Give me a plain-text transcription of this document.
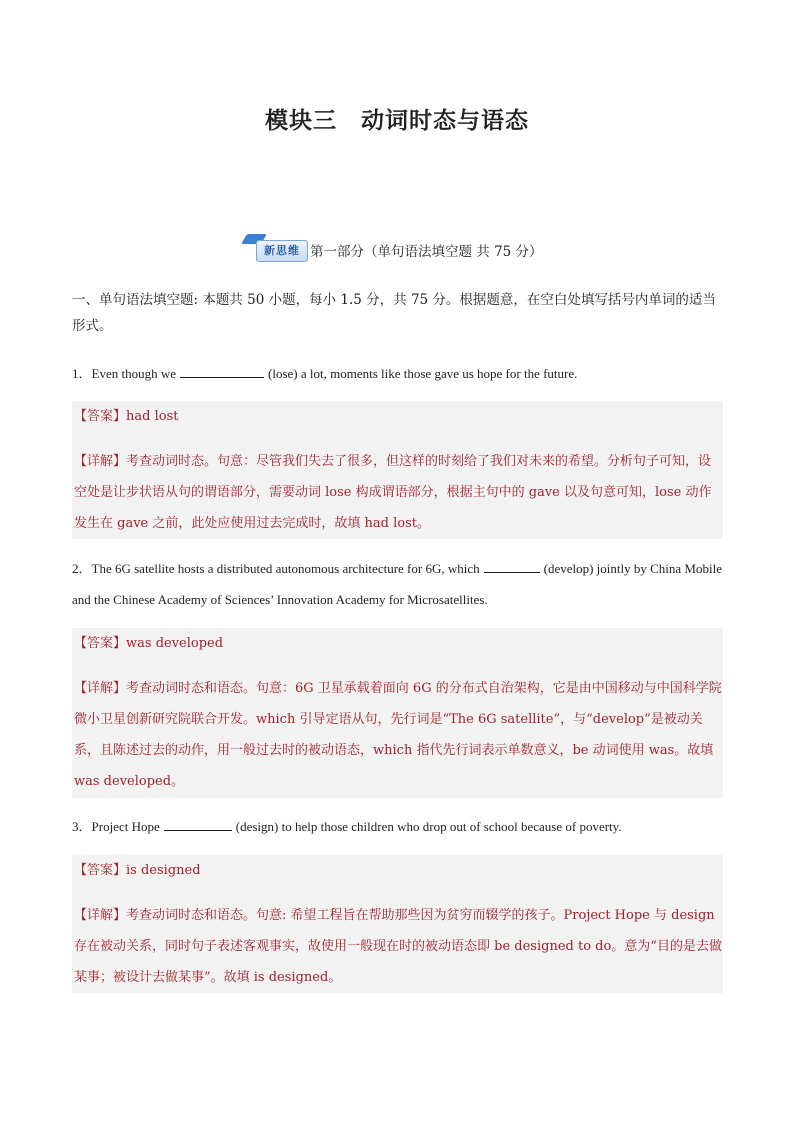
模块三　动词时态与语态
新思维 第一部分（单句语法填空题 共 75 分）
一、单句语法填空题: 本题共 50 小题，每小 1.5 分，共 75 分。根据题意，在空白处填写括号内单词的适当形式。
1．Even though we	(lose) a lot, moments like those gave us hope for the future.
【答案】had lost
【详解】考查动词时态。句意：尽管我们失去了很多，但这样的时刻给了我们对未来的希望。分析句子可知，设空处是让步状语从句的谓语部分，需要动词 lose 构成谓语部分，根据主句中的 gave 以及句意可知，lose 动作发生在 gave 之前，此处应使用过去完成时，故填 had lost。
2．The 6G satellite hosts a distributed autonomous architecture for 6G, which	(develop) jointly by China Mobile and the Chinese Academy of Sciences’ Innovation Academy for Microsatellites.
【答案】was developed
【详解】考查动词时态和语态。句意：6G 卫星承载着面向 6G 的分布式自治架构，它是由中国移动与中国科学院微小卫星创新研究院联合开发。which 引导定语从句，先行词是“The 6G satellite”，与“develop”是被动关系，且陈述过去的动作，用一般过去时的被动语态，which 指代先行词表示单数意义，be 动词使用 was。故填 was developed。
3．Project Hope	(design) to help those children who drop out of school because of poverty.
【答案】is designed
【详解】考查动词时态和语态。句意: 希望工程旨在帮助那些因为贫穷而辍学的孩子。Project Hope 与 design 存在被动关系，同时句子表述客观事实，故使用一般现在时的被动语态即 be designed to do。意为“目的是去做某事；被设计去做某事”。故填 is designed。
